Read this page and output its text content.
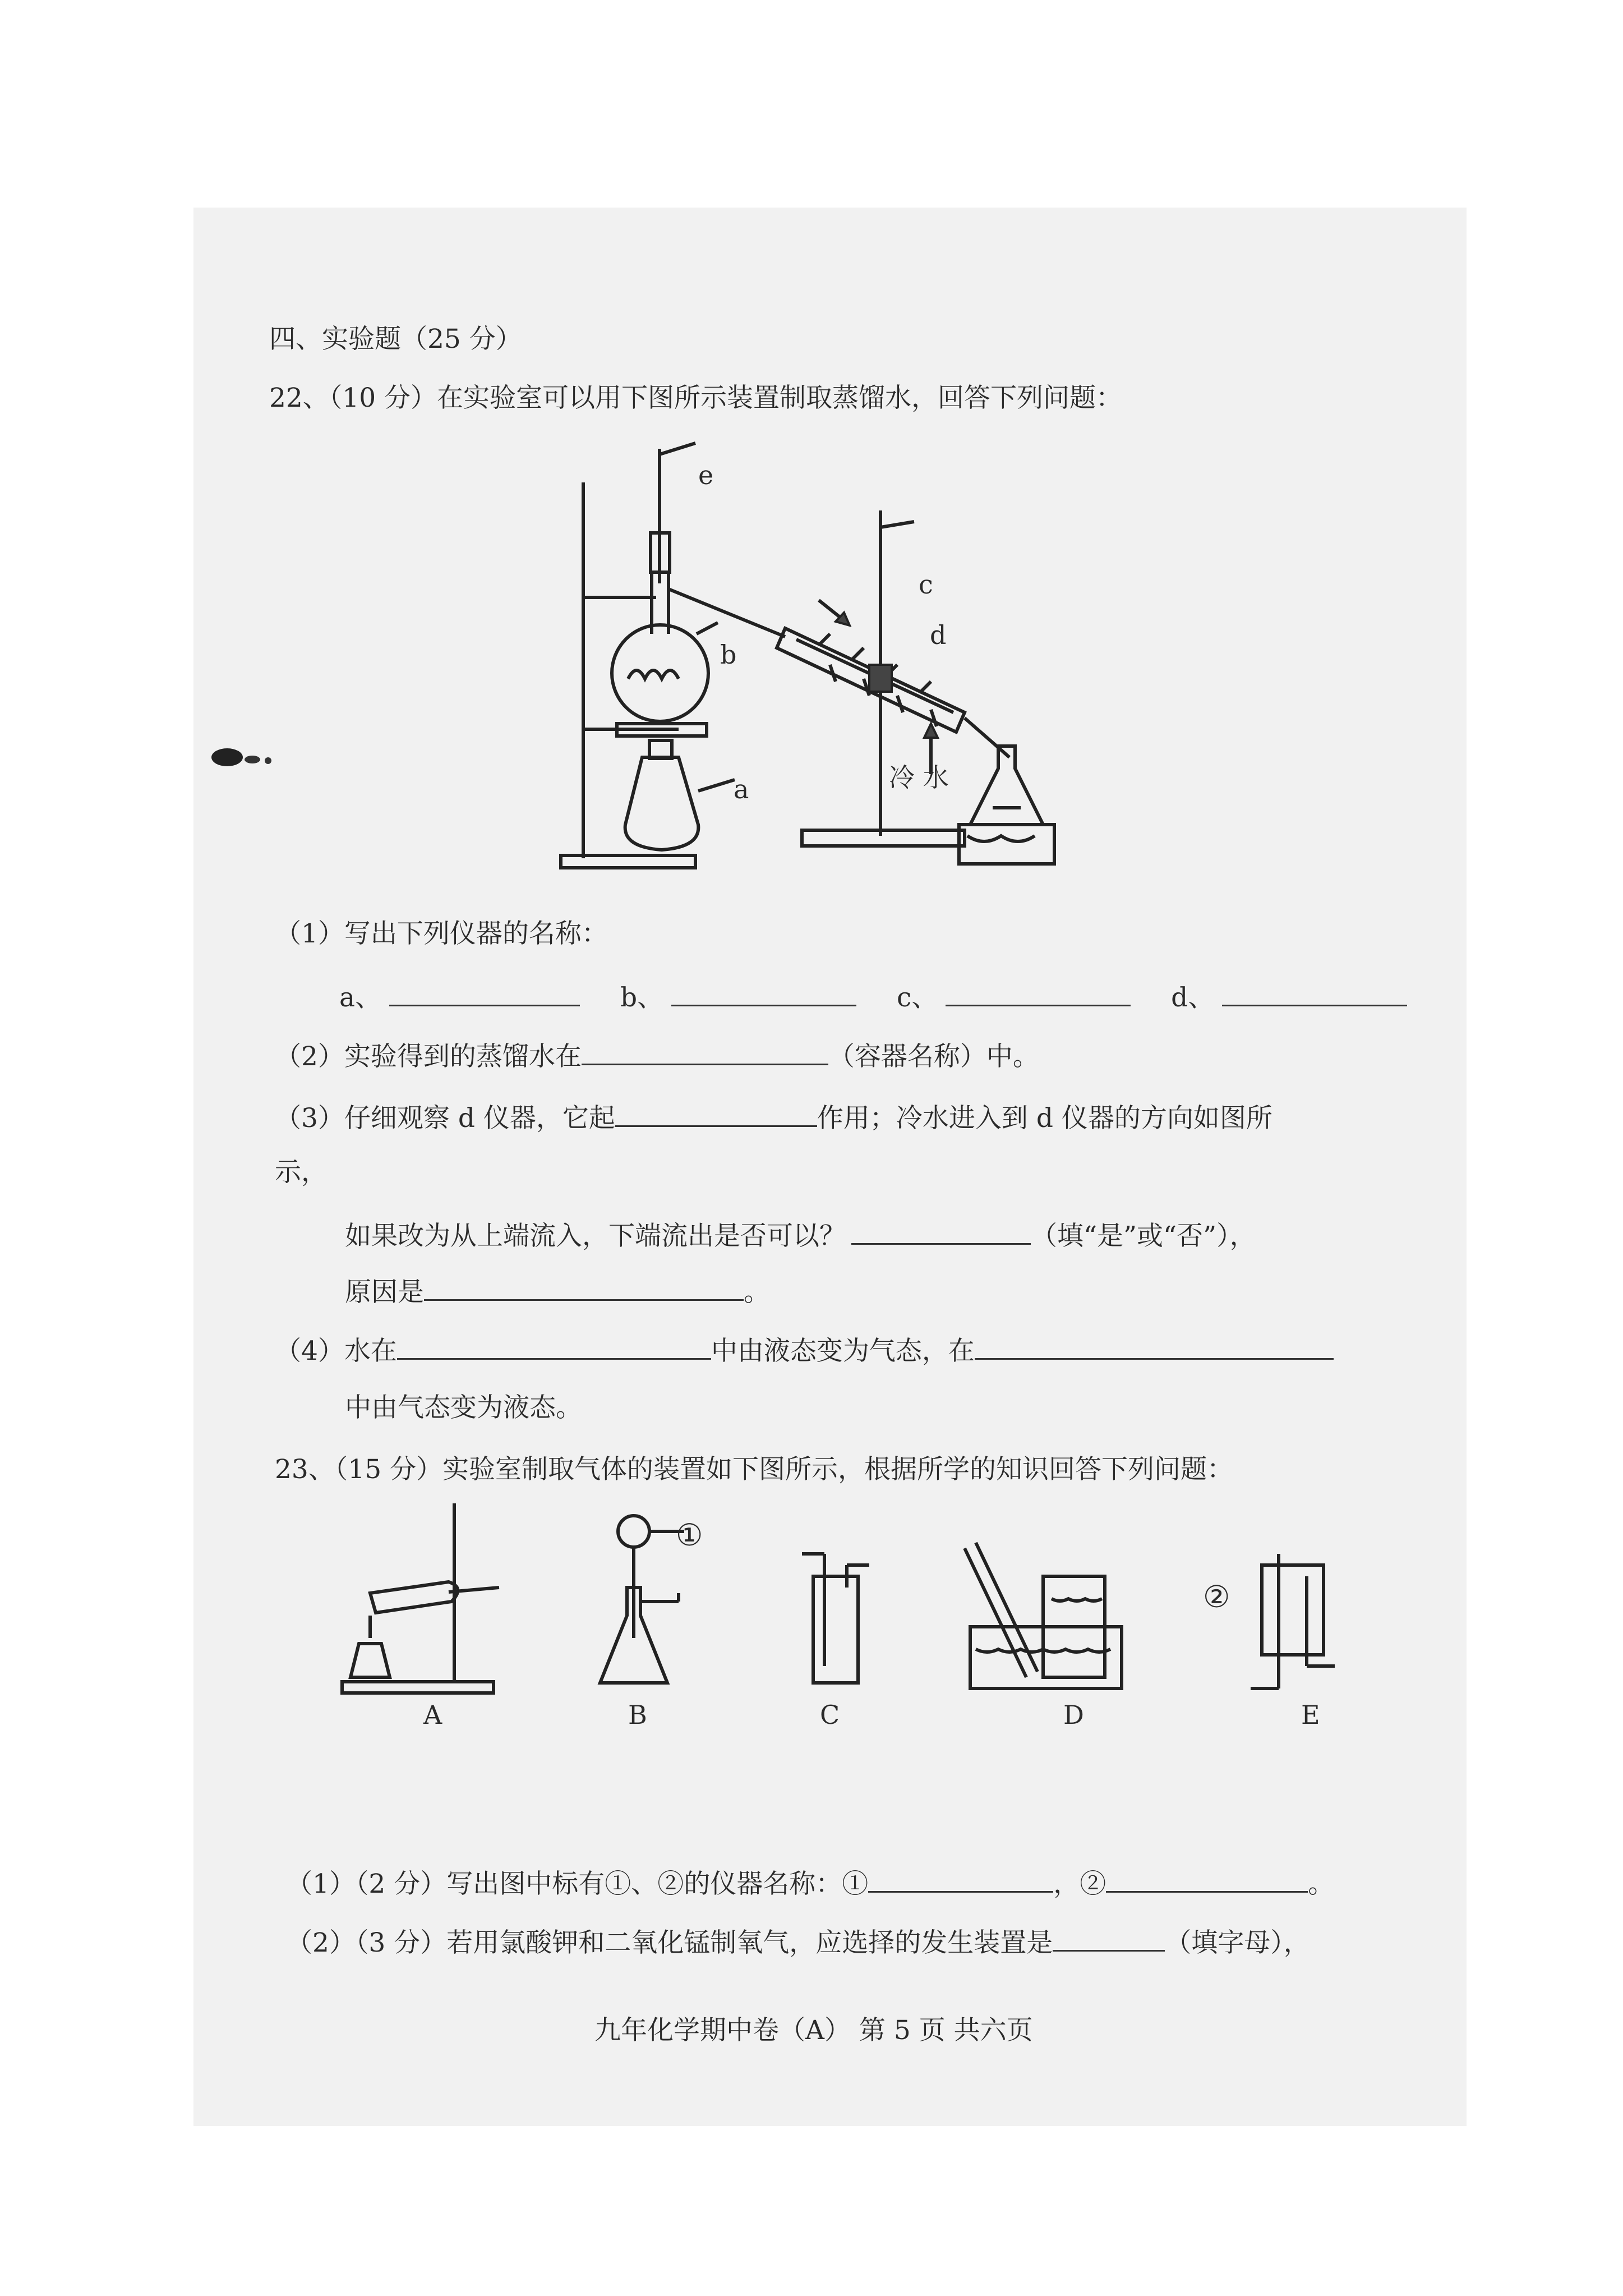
四、实验题（25 分）
22、（10 分）在实验室可以用下图所示装置制取蒸馏水，回答下列问题：
e
c
b
d
a	冷 水
（1）写出下列仪器的名称：
a、	b、	c、	d、
（2）实验得到的蒸馏水在	（容器名称）中。
（3）仔细观察 d 仪器，它起	作用；冷水进入到 d 仪器的方向如图所
示，
如果改为从上端流入，下端流出是否可以？	（填“是”或“否”），
原因是	。
（4）水在	中由液态变为气态，在
中由气态变为液态。
23、（15 分）实验室制取气体的装置如下图所示，根据所学的知识回答下列问题：
①
②
A	B	C	D	E
（1）（2 分）写出图中标有①、②的仪器名称：①	，②	。
（2）（3 分）若用氯酸钾和二氧化锰制氧气，应选择的发生装置是	（填字母），
九年化学期中卷（A） 第 5 页 共六页
